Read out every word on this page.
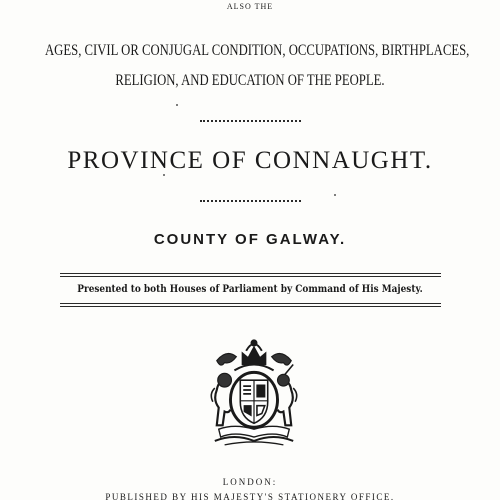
ALSO THE
AGES, CIVIL OR CONJUGAL CONDITION, OCCUPATIONS, BIRTHPLACES,
RELIGION, AND EDUCATION OF THE PEOPLE.
PROVINCE OF CONNAUGHT.
COUNTY OF GALWAY.
Presented to both Houses of Parliament by Command of His Majesty.
LONDON:
PUBLISHED BY HIS MAJESTY'S STATIONERY OFFICE.
